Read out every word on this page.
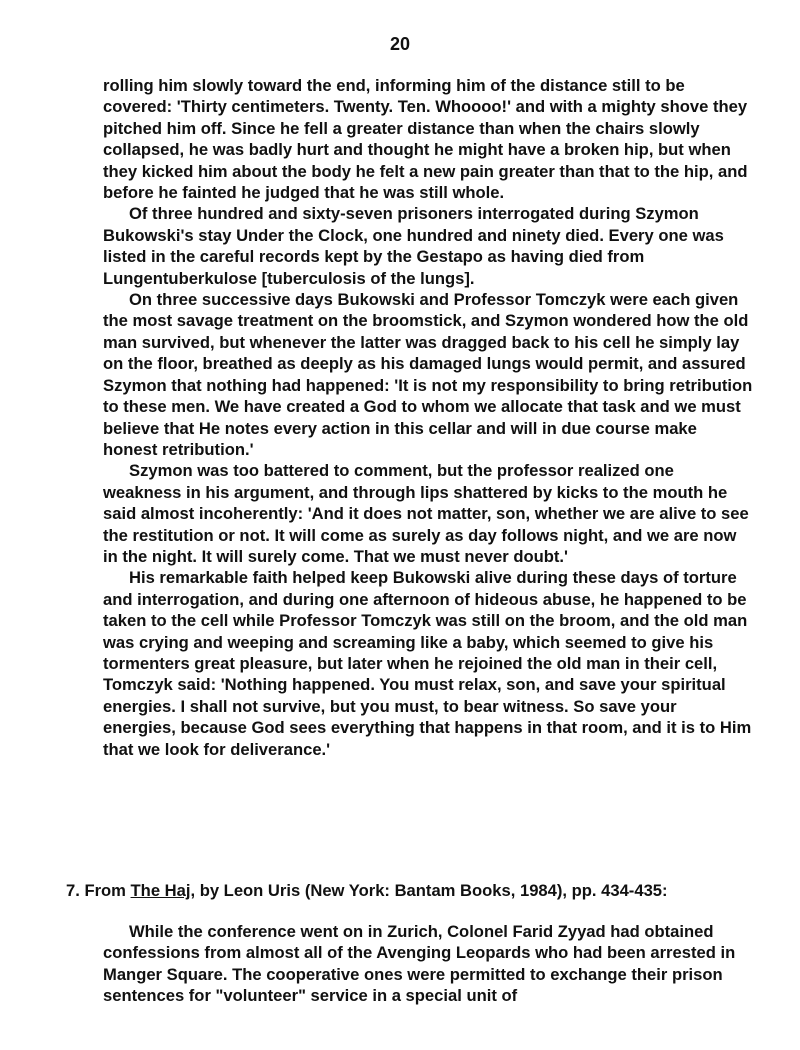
20

rolling him slowly toward the end, informing him of the distance still to be covered: 'Thirty centimeters. Twenty. Ten. Whoooo!' and with a mighty shove they pitched him off. Since he fell a greater distance than when the chairs slowly collapsed, he was badly hurt and thought he might have a broken hip, but when they kicked him about the body he felt a new pain greater than that to the hip, and before he fainted he judged that he was still whole.

Of three hundred and sixty-seven prisoners interrogated during Szymon Bukowski's stay Under the Clock, one hundred and ninety died. Every one was listed in the careful records kept by the Gestapo as having died from Lungentuberkulose [tuberculosis of the lungs].

On three successive days Bukowski and Professor Tomczyk were each given the most savage treatment on the broomstick, and Szymon wondered how the old man survived, but whenever the latter was dragged back to his cell he simply lay on the floor, breathed as deeply as his damaged lungs would permit, and assured Szymon that nothing had happened: 'It is not my responsibility to bring retribution to these men. We have created a God to whom we allocate that task and we must believe that He notes every action in this cellar and will in due course make honest retribution.'

Szymon was too battered to comment, but the professor realized one weakness in his argument, and through lips shattered by kicks to the mouth he said almost incoherently: 'And it does not matter, son, whether we are alive to see the restitution or not. It will come as surely as day follows night, and we are now in the night. It will surely come. That we must never doubt.'

His remarkable faith helped keep Bukowski alive during these days of torture and interrogation, and during one afternoon of hideous abuse, he happened to be taken to the cell while Professor Tomczyk was still on the broom, and the old man was crying and weeping and screaming like a baby, which seemed to give his tormenters great pleasure, but later when he rejoined the old man in their cell, Tomczyk said: 'Nothing happened. You must relax, son, and save your spiritual energies. I shall not survive, but you must, to bear witness. So save your energies, because God sees everything that happens in that room, and it is to Him that we look for deliverance.'

7. From The Haj, by Leon Uris (New York: Bantam Books, 1984), pp. 434-435:

While the conference went on in Zurich, Colonel Farid Zyyad had obtained confessions from almost all of the Avenging Leopards who had been arrested in Manger Square. The cooperative ones were permitted to exchange their prison sentences for "volunteer" service in a special unit of
